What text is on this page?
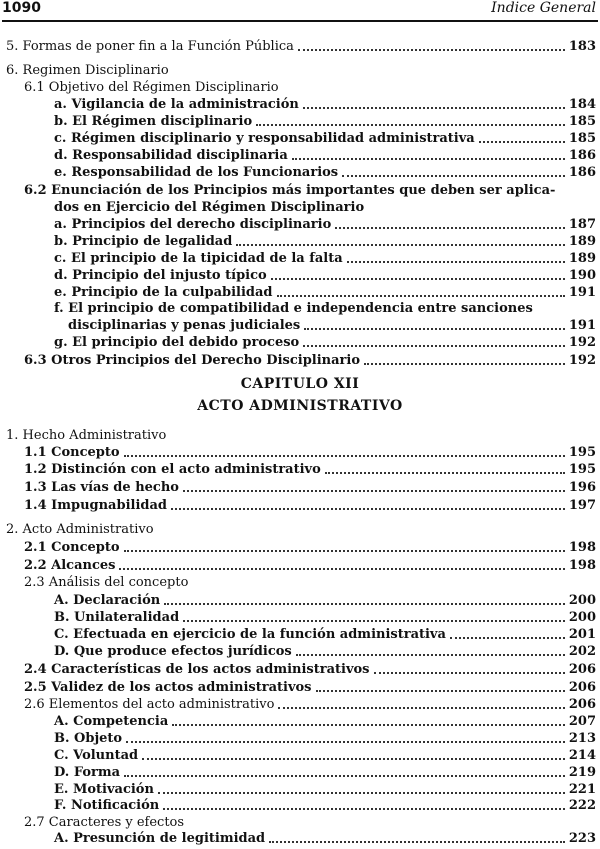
1090	Indice General
5. Formas de poner fin a la Función Pública	183
6. Regimen Disciplinario
6.1 Objetivo del Régimen Disciplinario
a. Vigilancia de la administración	184
b. El Régimen disciplinario	185
c. Régimen disciplinario y responsabilidad administrativa	185
d. Responsabilidad disciplinaria	186
e. Responsabilidad de los Funcionarios	186
6.2 Enunciación de los Principios más importantes que deben ser aplica-
dos en Ejercicio del Régimen Disciplinario
a. Principios del derecho disciplinario	187
b. Principio de legalidad	189
c. El principio de la tipicidad de la falta	189
d. Principio del injusto típico	190
e. Principio de la culpabilidad	191
f. El principio de compatibilidad e independencia entre sanciones
disciplinarias y penas judiciales	191
g. El principio del debido proceso	192
6.3 Otros Principios del Derecho Disciplinario	192
CAPITULO XII
ACTO ADMINISTRATIVO
1. Hecho Administrativo
1.1 Concepto	195
1.2 Distinción con el acto administrativo	195
1.3 Las vías de hecho	196
1.4 Impugnabilidad	197
2. Acto Administrativo
2.1 Concepto	198
2.2 Alcances	198
2.3 Análisis del concepto
A. Declaración	200
B. Unilateralidad	200
C. Efectuada en ejercicio de la función administrativa	201
D. Que produce efectos jurídicos	202
2.4 Características de los actos administrativos	206
2.5 Validez de los actos administrativos	206
2.6 Elementos del acto administrativo	206
A. Competencia	207
B. Objeto	213
C. Voluntad	214
D. Forma	219
E. Motivación	221
F. Notificación	222
2.7 Caracteres y efectos
A. Presunción de legitimidad	223
